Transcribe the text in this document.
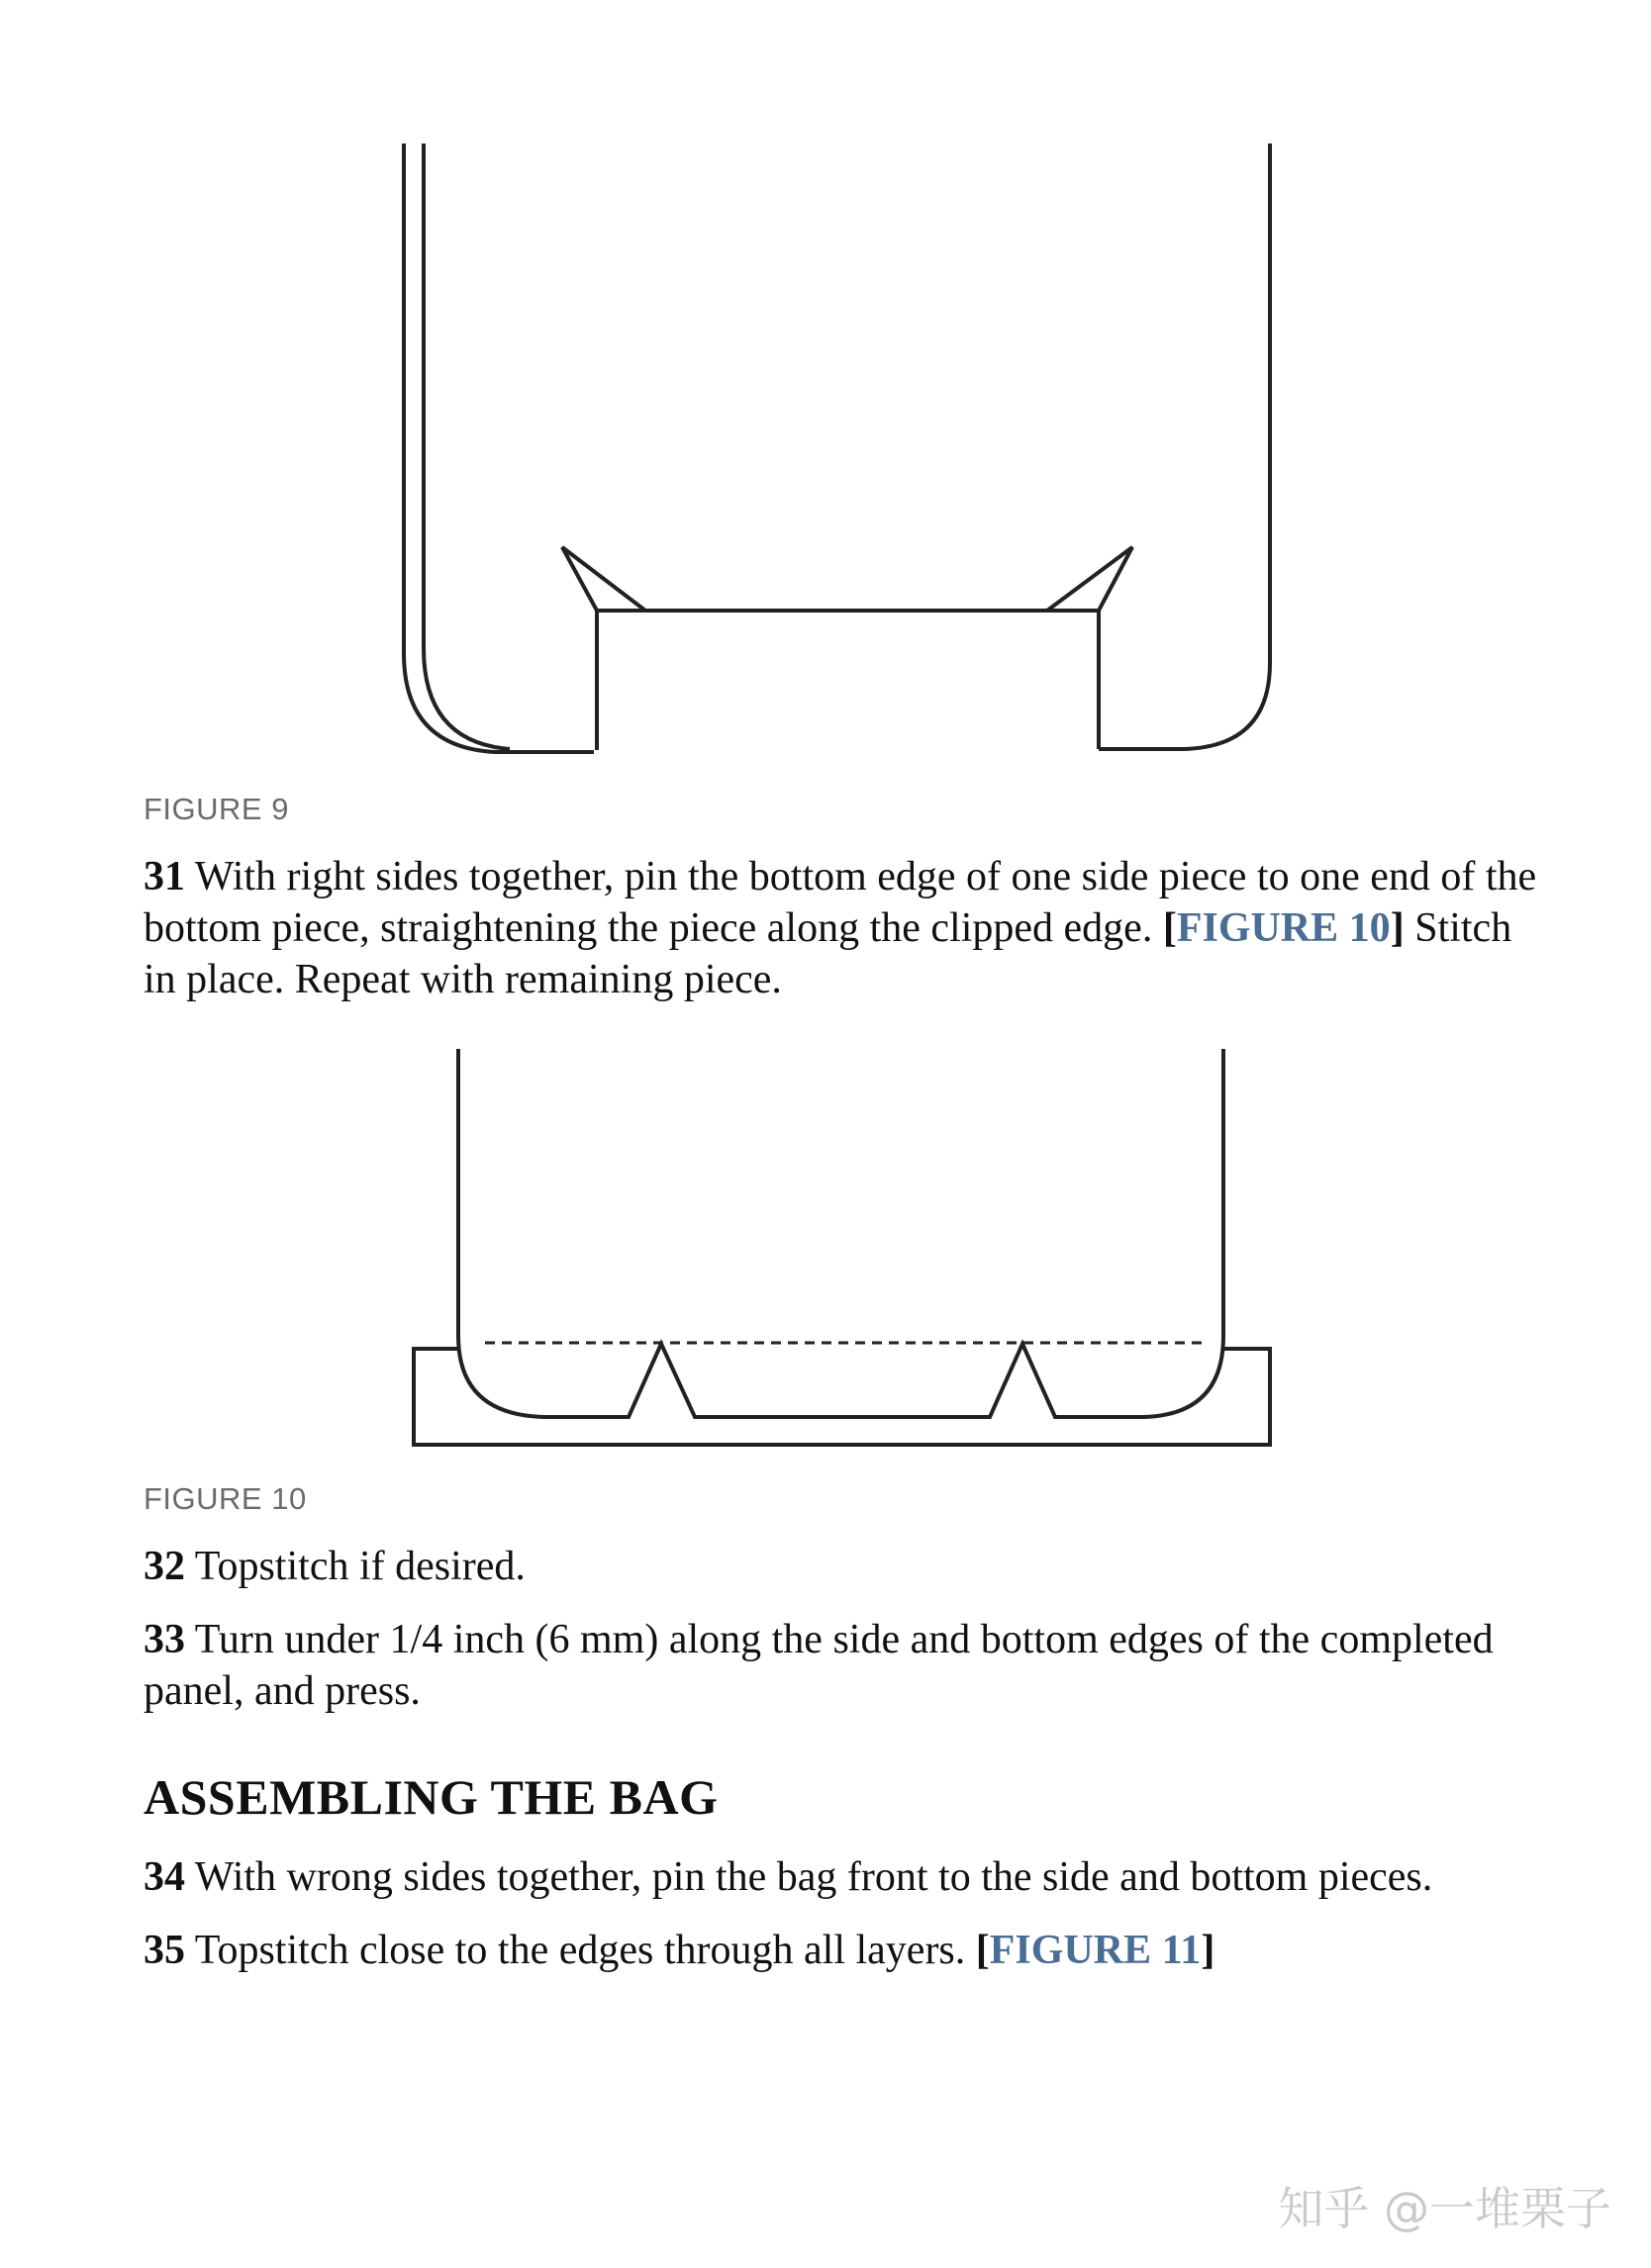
FIGURE 9
31 With right sides together, pin the bottom edge of one side piece to one end of the bottom piece, straightening the piece along the clipped edge. [FIGURE 10] Stitch in place. Repeat with remaining piece.
FIGURE 10
32 Topstitch if desired.
33 Turn under 1/4 inch (6 mm) along the side and bottom edges of the completed panel, and press.
ASSEMBLING THE BAG
34 With wrong sides together, pin the bag front to the side and bottom pieces.
35 Topstitch close to the edges through all layers. [FIGURE 11]
知乎 @一堆栗子
